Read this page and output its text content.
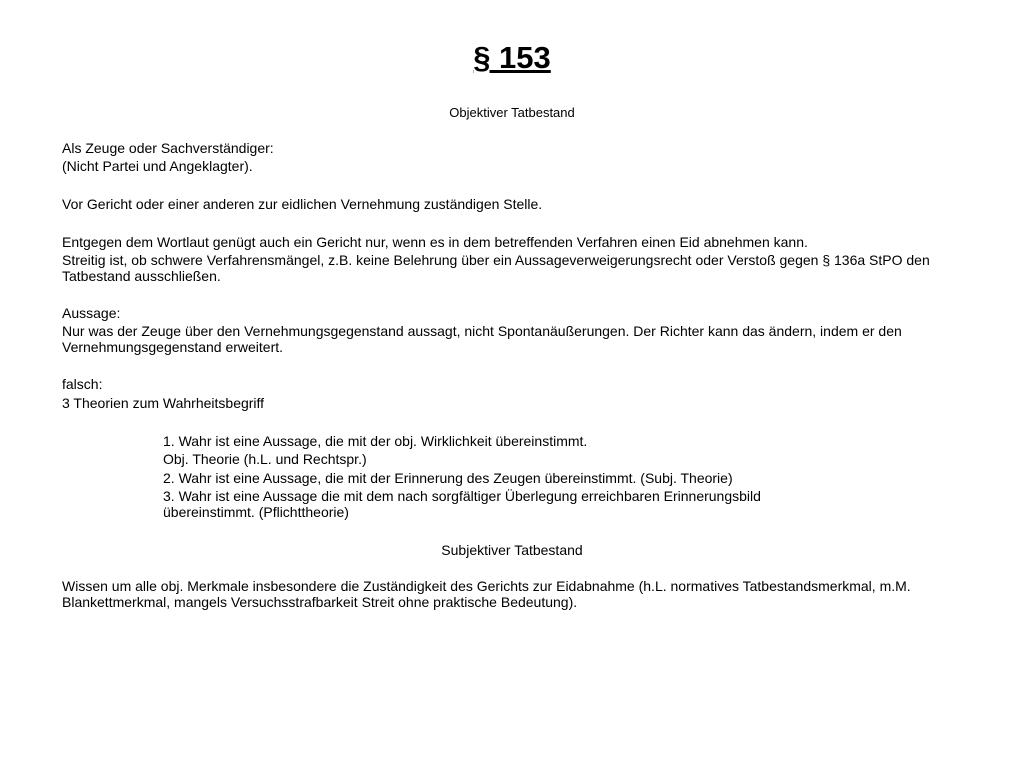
§ 153
Objektiver Tatbestand
Als Zeuge oder Sachverständiger:
(Nicht Partei und Angeklagter).
Vor Gericht oder einer anderen zur eidlichen Vernehmung zuständigen Stelle.
Entgegen dem Wortlaut genügt auch ein Gericht nur, wenn es in dem betreffenden Verfahren einen Eid abnehmen kann.
Streitig ist, ob schwere Verfahrensmängel, z.B. keine Belehrung über ein Aussageverweigerungsrecht oder Verstoß gegen § 136a StPO den Tatbestand ausschließen.
Aussage:
Nur was der Zeuge über den Vernehmungsgegenstand aussagt, nicht Spontanäußerungen. Der Richter kann das ändern, indem er den Vernehmungsgegenstand erweitert.
falsch:
3 Theorien zum Wahrheitsbegriff
1. Wahr ist eine Aussage, die mit der obj. Wirklichkeit übereinstimmt.
Obj. Theorie (h.L. und Rechtspr.)
2. Wahr ist eine Aussage, die mit der Erinnerung des Zeugen übereinstimmt. (Subj. Theorie)
3. Wahr ist eine Aussage die mit dem nach sorgfältiger Überlegung erreichbaren Erinnerungsbild übereinstimmt. (Pflichttheorie)
Subjektiver Tatbestand
Wissen um alle obj. Merkmale insbesondere die Zuständigkeit des Gerichts zur Eidabnahme (h.L. normatives Tatbestandsmerkmal, m.M. Blankettmerkmal, mangels Versuchsstrafbarkeit Streit ohne praktische Bedeutung).
